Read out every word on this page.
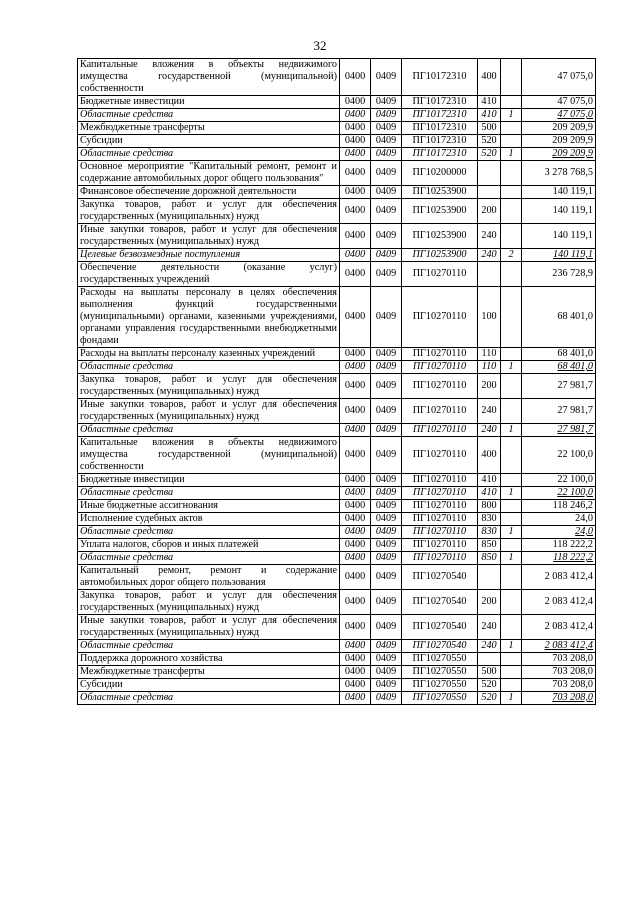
32
Капитальные вложения в объекты недвижимого имущества государственной (муниципальной) собственности	0400	0409	ПГ10172310	400		47 075,0
Бюджетные инвестиции	0400	0409	ПГ10172310	410		47 075,0
Областные средства	0400	0409	ПГ10172310	410	1	47 075,0
Межбюджетные трансферты	0400	0409	ПГ10172310	500		209 209,9
Субсидии	0400	0409	ПГ10172310	520		209 209,9
Областные средства	0400	0409	ПГ10172310	520	1	209 209,9
Основное мероприятие "Капитальный ремонт, ремонт и содержание автомобильных дорог общего пользования"	0400	0409	ПГ10200000			3 278 768,5
Финансовое обеспечение дорожной деятельности	0400	0409	ПГ10253900			140 119,1
Закупка товаров, работ и услуг для обеспечения государственных (муниципальных) нужд	0400	0409	ПГ10253900	200		140 119,1
Иные закупки товаров, работ и услуг для обеспечения государственных (муниципальных) нужд	0400	0409	ПГ10253900	240		140 119,1
Целевые безвозмездные поступления	0400	0409	ПГ10253900	240	2	140 119,1
Обеспечение деятельности (оказание услуг) государственных учреждений	0400	0409	ПГ10270110			236 728,9
Расходы на выплаты персоналу в целях обеспечения выполнения функций государственными (муниципальными) органами, казенными учреждениями, органами управления государственными внебюджетными фондами	0400	0409	ПГ10270110	100		68 401,0
Расходы на выплаты персоналу казенных учреждений	0400	0409	ПГ10270110	110		68 401,0
Областные средства	0400	0409	ПГ10270110	110	1	68 401,0
Закупка товаров, работ и услуг для обеспечения государственных (муниципальных) нужд	0400	0409	ПГ10270110	200		27 981,7
Иные закупки товаров, работ и услуг для обеспечения государственных (муниципальных) нужд	0400	0409	ПГ10270110	240		27 981,7
Областные средства	0400	0409	ПГ10270110	240	1	27 981,7
Капитальные вложения в объекты недвижимого имущества государственной (муниципальной) собственности	0400	0409	ПГ10270110	400		22 100,0
Бюджетные инвестиции	0400	0409	ПГ10270110	410		22 100,0
Областные средства	0400	0409	ПГ10270110	410	1	22 100,0
Иные бюджетные ассигнования	0400	0409	ПГ10270110	800		118 246,2
Исполнение судебных актов	0400	0409	ПГ10270110	830		24,0
Областные средства	0400	0409	ПГ10270110	830	1	24,0
Уплата налогов, сборов и иных платежей	0400	0409	ПГ10270110	850		118 222,2
Областные средства	0400	0409	ПГ10270110	850	1	118 222,2
Капитальный ремонт, ремонт и содержание автомобильных дорог общего пользования	0400	0409	ПГ10270540			2 083 412,4
Закупка товаров, работ и услуг для обеспечения государственных (муниципальных) нужд	0400	0409	ПГ10270540	200		2 083 412,4
Иные закупки товаров, работ и услуг для обеспечения государственных (муниципальных) нужд	0400	0409	ПГ10270540	240		2 083 412,4
Областные средства	0400	0409	ПГ10270540	240	1	2 083 412,4
Поддержка дорожного хозяйства	0400	0409	ПГ10270550			703 208,0
Межбюджетные трансферты	0400	0409	ПГ10270550	500		703 208,0
Субсидии	0400	0409	ПГ10270550	520		703 208,0
Областные средства	0400	0409	ПГ10270550	520	1	703 208,0
